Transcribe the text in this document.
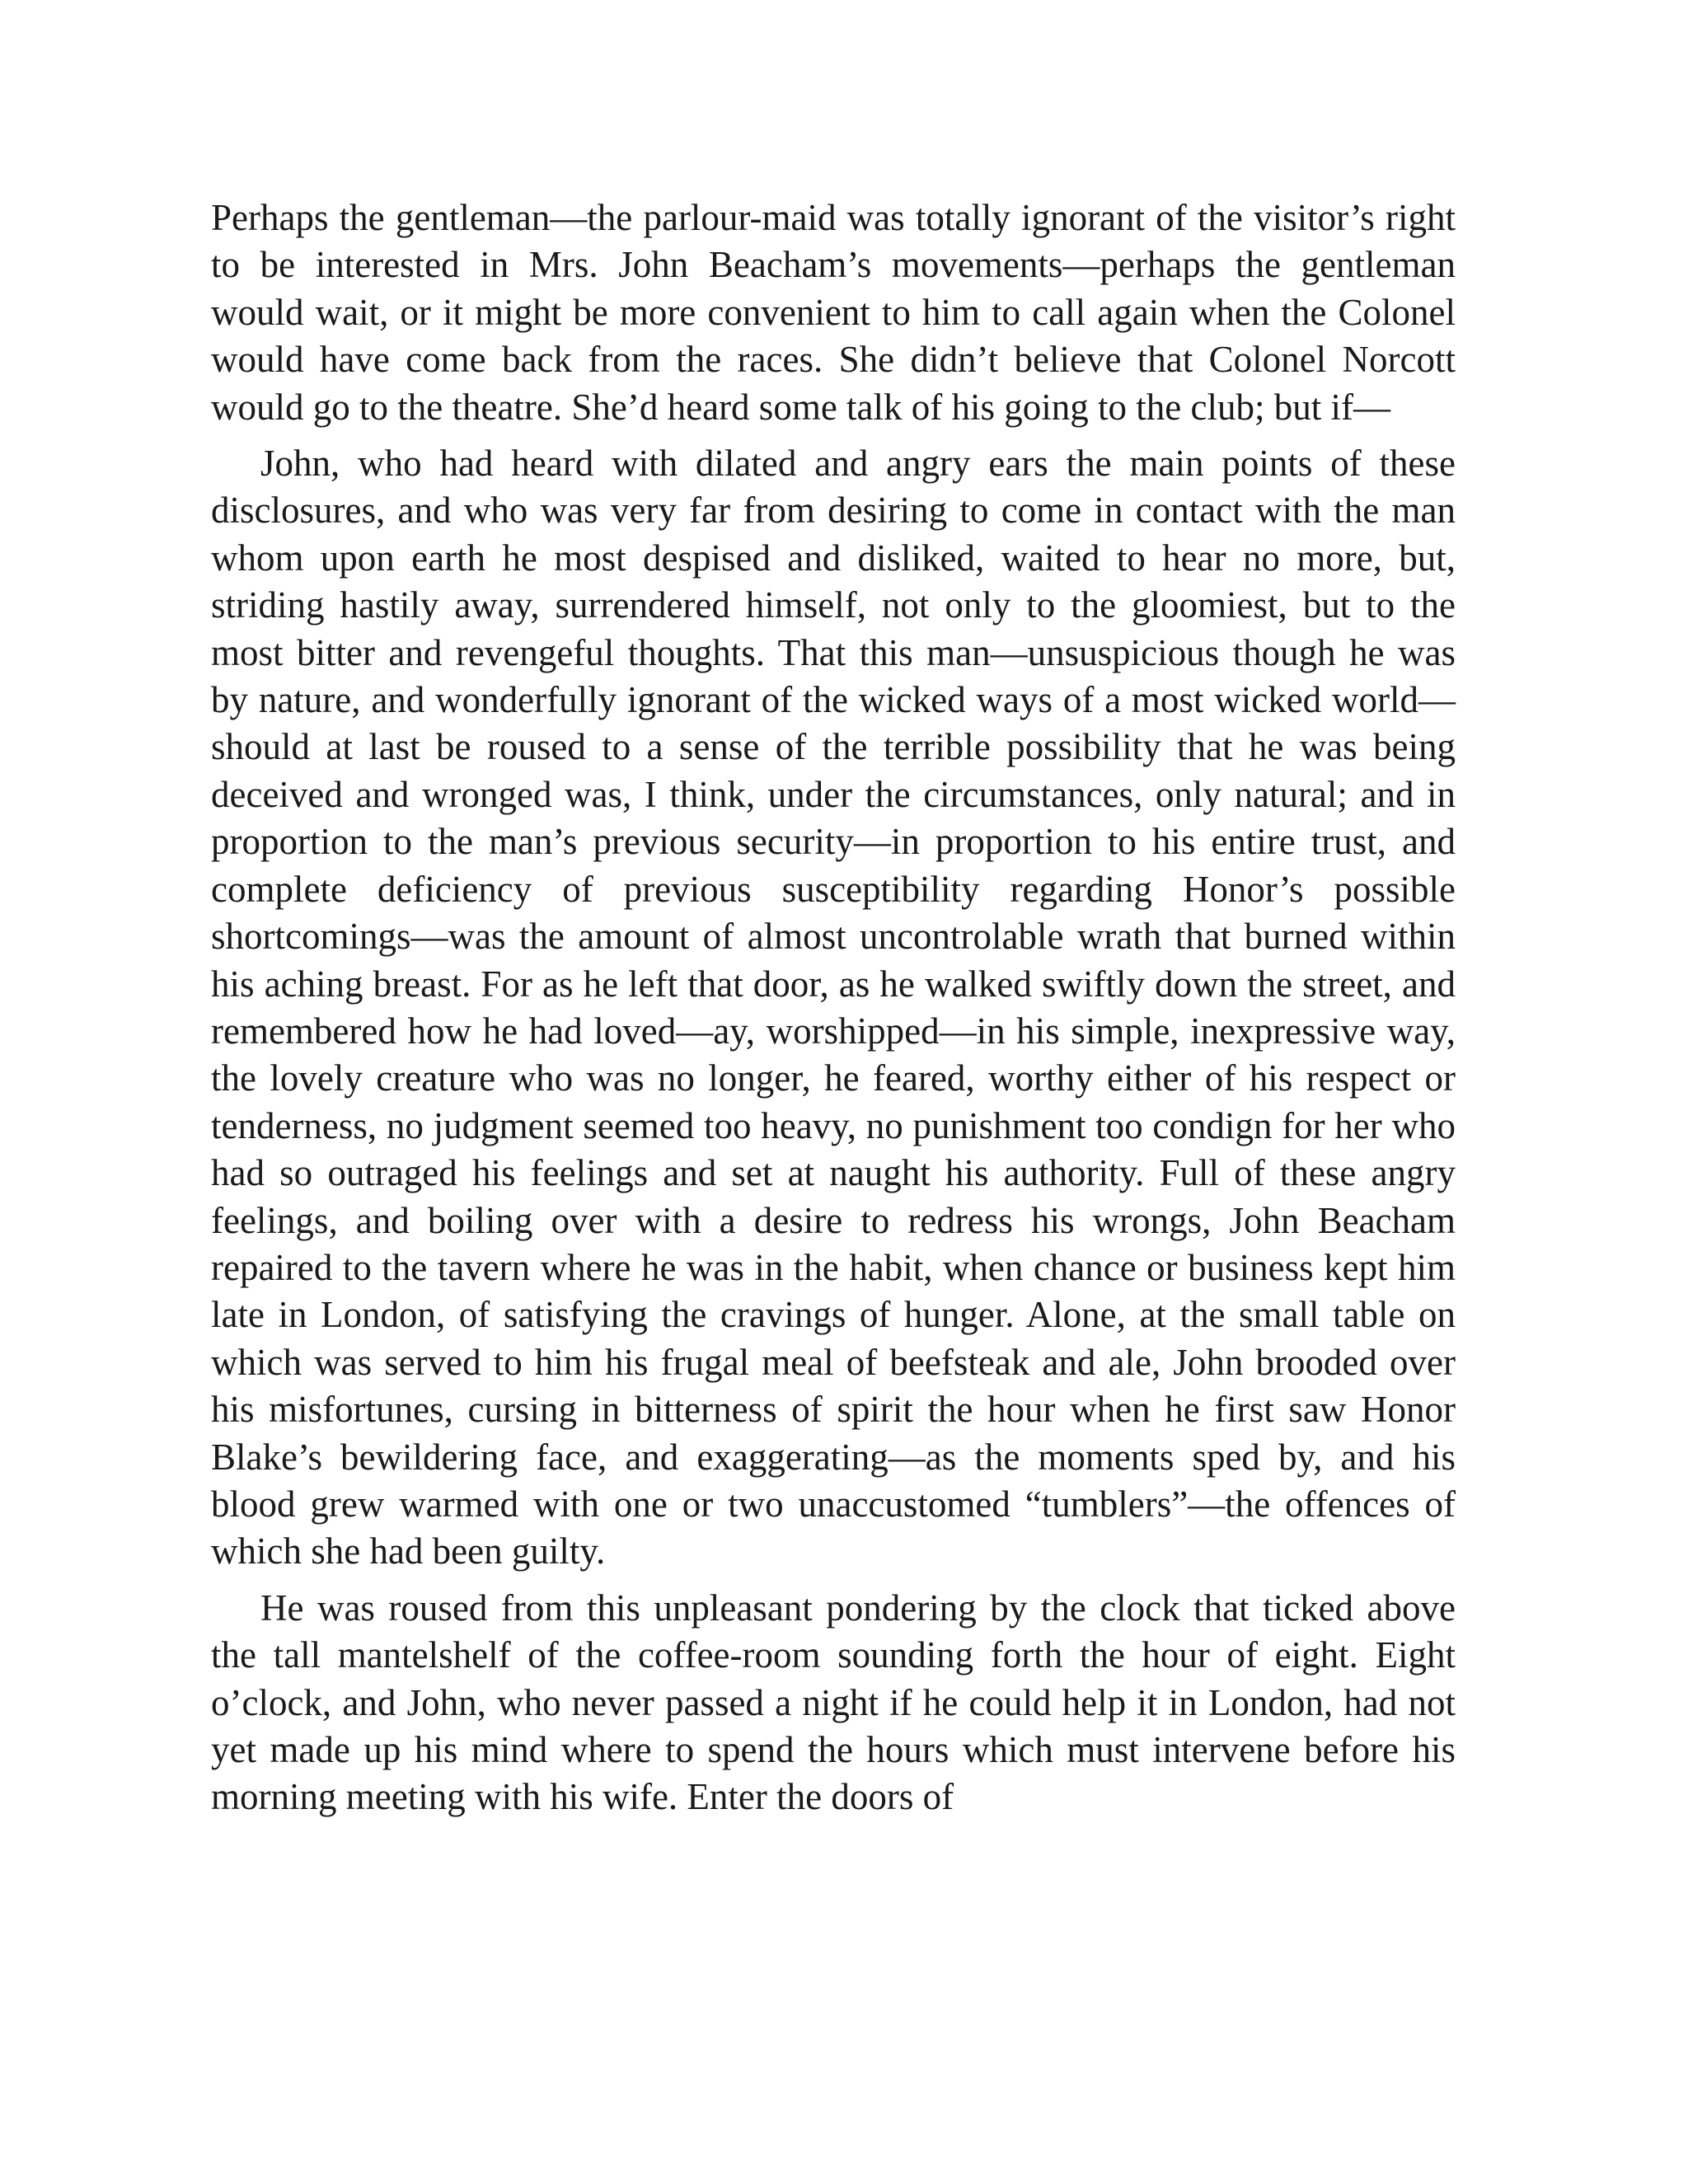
Perhaps the gentleman—the parlour-maid was totally ignorant of the visitor’s right to be interested in Mrs. John Beacham’s movements—perhaps the gentleman would wait, or it might be more convenient to him to call again when the Colonel would have come back from the races. She didn’t believe that Colonel Norcott would go to the theatre. She’d heard some talk of his going to the club; but if—

John, who had heard with dilated and angry ears the main points of these disclosures, and who was very far from desiring to come in contact with the man whom upon earth he most despised and disliked, waited to hear no more, but, striding hastily away, surrendered himself, not only to the gloomiest, but to the most bitter and revengeful thoughts. That this man—unsuspicious though he was by nature, and wonderfully ignorant of the wicked ways of a most wicked world—should at last be roused to a sense of the terrible possibility that he was being deceived and wronged was, I think, under the circumstances, only natural; and in proportion to the man’s previous security—in proportion to his entire trust, and complete deficiency of previous susceptibility regarding Honor’s possible shortcomings—was the amount of almost uncontrolable wrath that burned within his aching breast. For as he left that door, as he walked swiftly down the street, and remembered how he had loved—ay, worshipped—in his simple, inexpressive way, the lovely creature who was no longer, he feared, worthy either of his respect or tenderness, no judgment seemed too heavy, no punishment too condign for her who had so outraged his feelings and set at naught his authority. Full of these angry feelings, and boiling over with a desire to redress his wrongs, John Beacham repaired to the tavern where he was in the habit, when chance or business kept him late in London, of satisfying the cravings of hunger. Alone, at the small table on which was served to him his frugal meal of beefsteak and ale, John brooded over his misfortunes, cursing in bitterness of spirit the hour when he first saw Honor Blake’s bewildering face, and exaggerating—as the moments sped by, and his blood grew warmed with one or two unaccustomed “tumblers”—the offences of which she had been guilty.

He was roused from this unpleasant pondering by the clock that ticked above the tall mantelshelf of the coffee-room sounding forth the hour of eight. Eight o’clock, and John, who never passed a night if he could help it in London, had not yet made up his mind where to spend the hours which must intervene before his morning meeting with his wife. Enter the doors of
